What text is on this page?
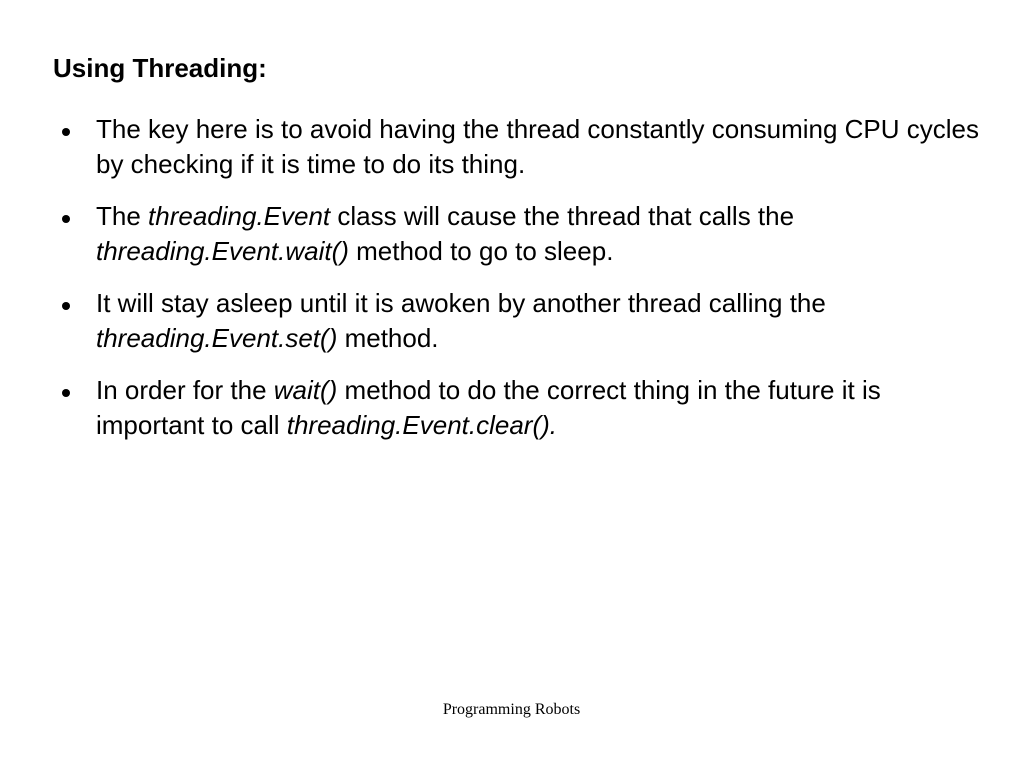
Using Threading:
The key here is to avoid having the thread constantly consuming CPU cycles by checking if it is time to do its thing.
The threading.Event class will cause the thread that calls the threading.Event.wait() method to go to sleep.
It will stay asleep until it is awoken by another thread calling the threading.Event.set() method.
In order for the wait() method to do the correct thing in the future it is important to call threading.Event.clear().
Programming Robots
